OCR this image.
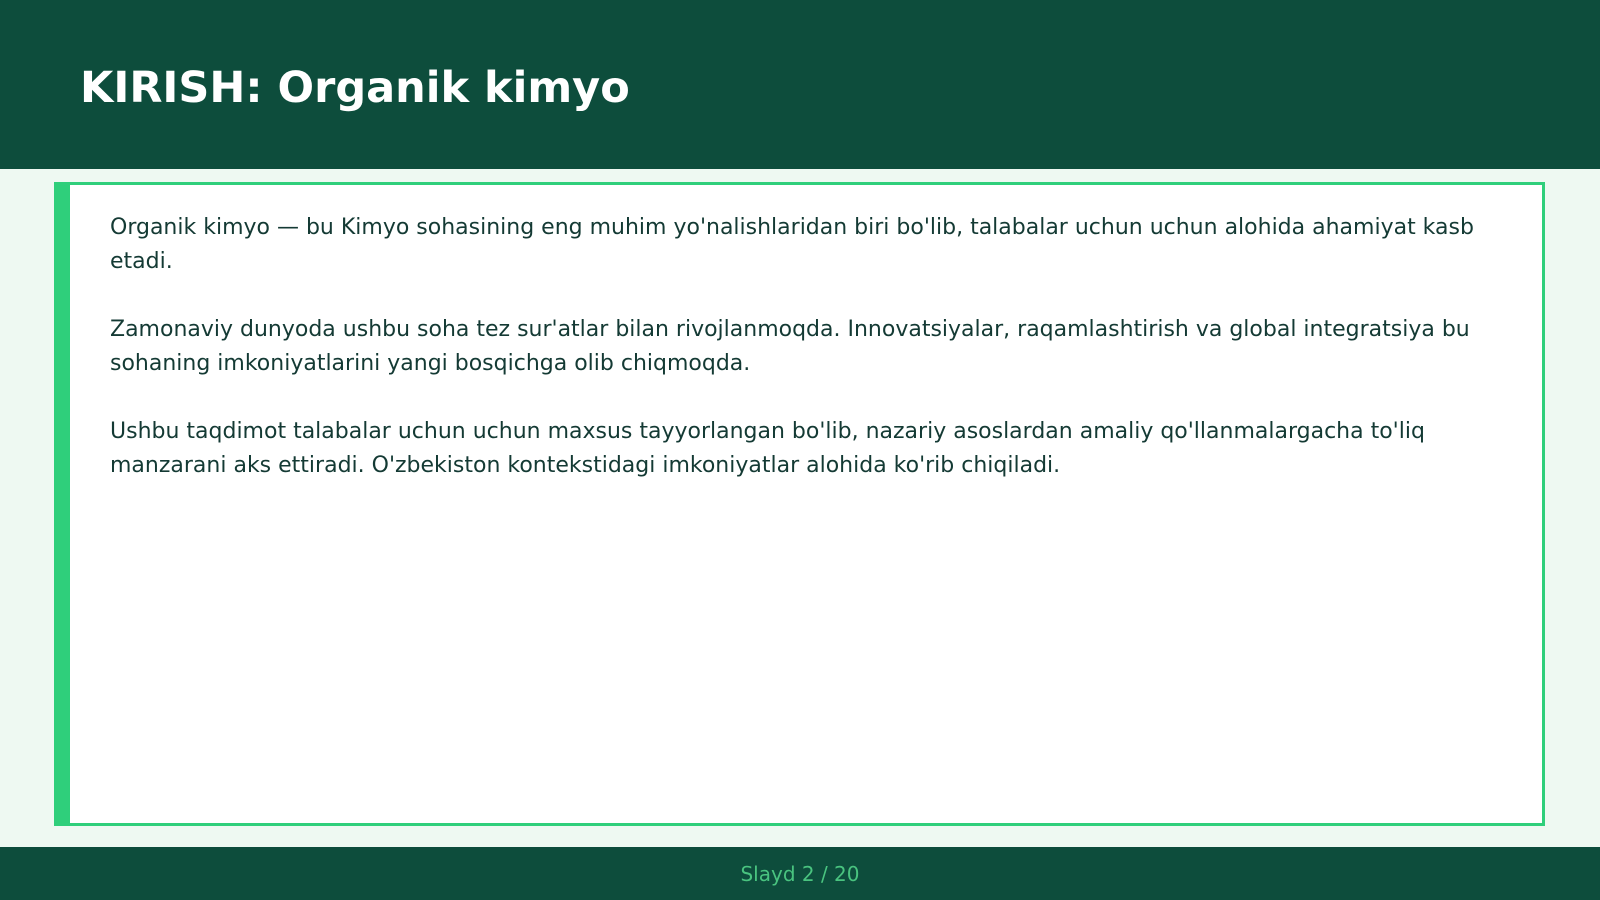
KIRISH: Organik kimyo

Organik kimyo — bu Kimyo sohasining eng muhim yo'nalishlaridan biri bo'lib, talabalar uchun uchun alohida ahamiyat kasb etadi.

Zamonaviy dunyoda ushbu soha tez sur'atlar bilan rivojlanmoqda. Innovatsiyalar, raqamlashtirish va global integratsiya bu sohaning imkoniyatlarini yangi bosqichga olib chiqmoqda.

Ushbu taqdimot talabalar uchun uchun maxsus tayyorlangan bo'lib, nazariy asoslardan amaliy qo'llanmalargacha to'liq manzarani aks ettiradi. O'zbekiston kontekstidagi imkoniyatlar alohida ko'rib chiqiladi.

Slayd 2 / 20
